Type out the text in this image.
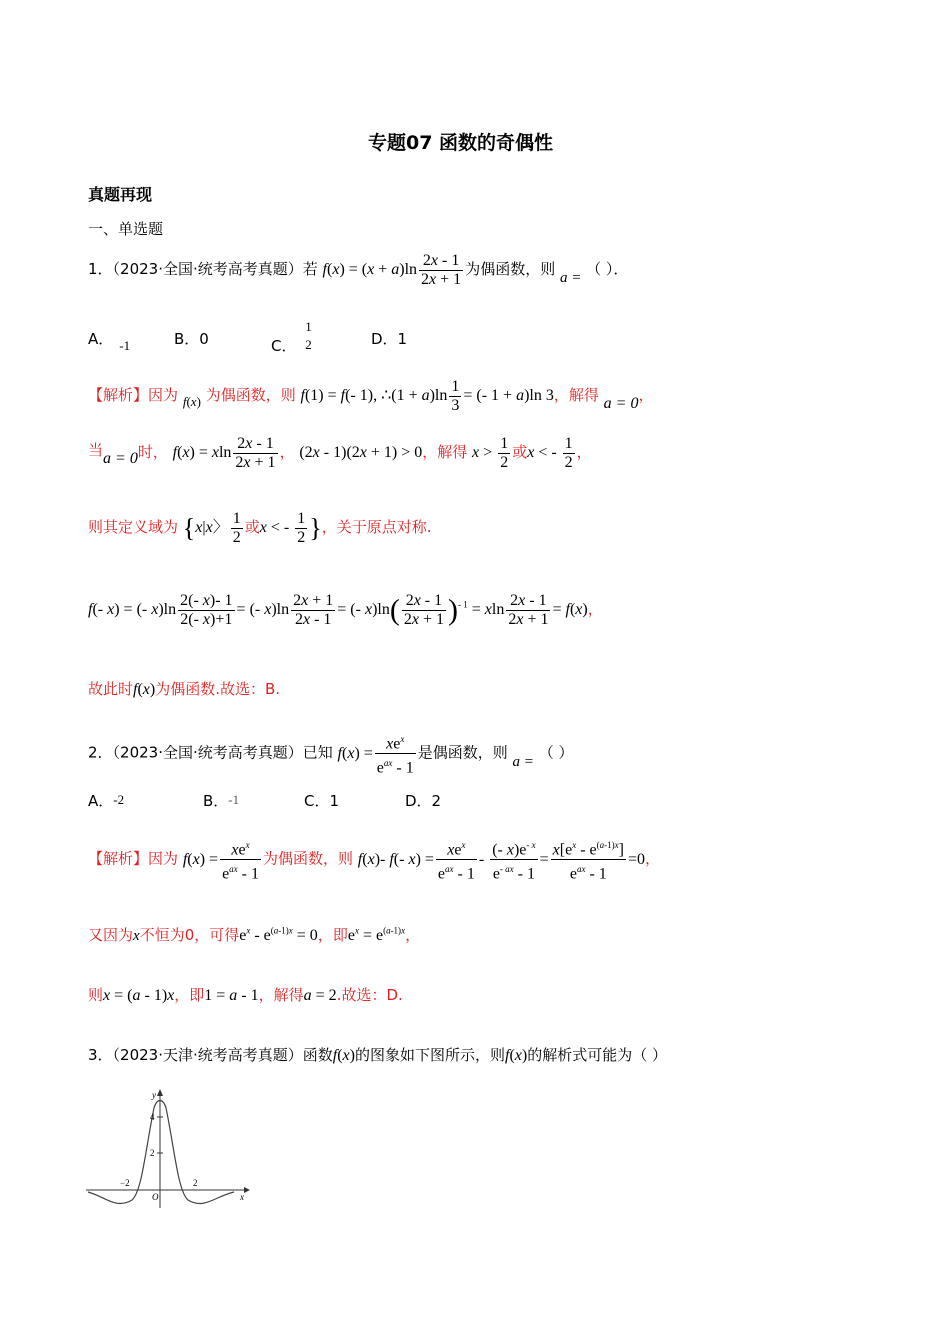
专题07 函数的奇偶性
真题再现
一、单选题
1．（2023·全国·统考高考真题）若 $f(x) = (x + a)\ln \frac{2x - 1}{2x + 1}$ 为偶函数，则 a = （ ）．
A． -1	B．0	C．
1
2	D．1
【解析】因为 f(x) 为偶函数，则 f(1) = f(- 1), ∴(1 + $a)\ln \frac{1}{3}$ = (- 1 + a)ln 3，解得 a = 0，
当a = 0时， f(x) = xln $\frac{2x - 1}{2x + 1}$ ， (2x - 1)(2x + 1) > 0，解得 $x > \frac{1}{2}$ 或x < - $\frac{1}{2}$ ，
则其定义域为 {x|x〉 $\frac{1}{2}$ 或x < - $\frac{1}{2}$ }，关于原点对称.
f(- x) = (- $x)\ln \frac{2(- x)- 1}{2(- x)+1}$ = (- $x)\ln \frac{2x + 1}{2x - 1}$ = (- $x)\ln( \frac{2x - 1}{2x + 1} )^{- 1} = xln \frac{2x - 1}{2x + 1} = f(x)$，
故此时f(x)为偶函数.故选：B.
2．（2023·全国·统考高考真题）已知 $f(x) = \frac{xe^x}{e^{ax} - 1}$ 是偶函数，则 a = （ ）
A．-2	B．-1	C．1	D．2
【解析】因为 $f(x) = \frac{xe^x}{e^{ax} - 1}$ 为偶函数，则 f(x)- f(- $x) = \frac{xe^x}{e^{ax} - 1} - \frac{(- x)e^{- x}}{e^{- ax} - 1} = \frac{x[e^x - e^{(a-1)x}]}{e^{ax} - 1} =0$，
又因为x不恒为0，可得$e^x - e^{(a-1)x} = 0$，即$e^x = e^{(a-1)x}$，
则x = (a - 1)x，即1 = a - 1，解得a = 2.故选：D.
3．（2023·天津·统考高考真题）函数f(x)的图象如下图所示，则f(x)的解析式可能为（ ）
y
x
O
4
2
−2	2
